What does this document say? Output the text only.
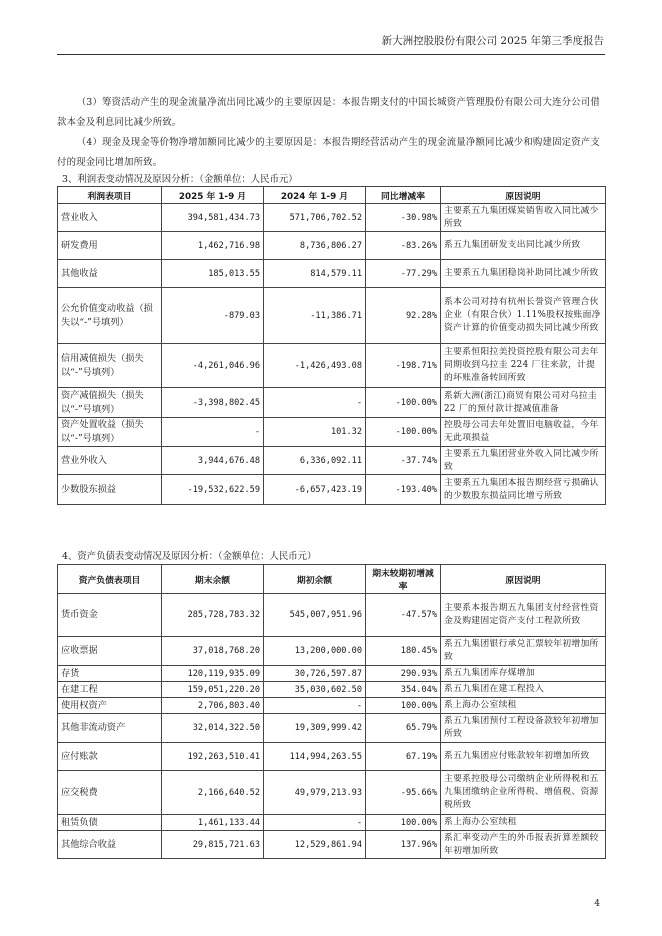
新大洲控股股份有限公司 2025 年第三季度报告
（3）筹资活动产生的现金流量净流出同比减少的主要原因是：本报告期支付的中国长城资产管理股份有限公司大连分公司借款本金及利息同比减少所致。
（4）现金及现金等价物净增加额同比减少的主要原因是：本报告期经营活动产生的现金流量净额同比减少和购建固定资产支付的现金同比增加所致。
3、利润表变动情况及原因分析：（金额单位：人民币元）
利润表项目	2025 年 1-9 月	2024 年 1-9 月	同比增减率	原因说明
营业收入	394,581,434.73	571,706,702.52	-30.98%	主要系五九集团煤炭销售收入同比减少所致
研发费用	1,462,716.98	8,736,806.27	-83.26%	系五九集团研发支出同比减少所致
其他收益	185,013.55	814,579.11	-77.29%	主要系五九集团稳岗补助同比减少所致
公允价值变动收益（损失以“-”号填列）	-879.03	-11,386.71	92.28%	系本公司对持有杭州长誉资产管理合伙企业（有限合伙）1.11%股权按账面净资产计算的价值变动损失同比减少所致
信用减值损失（损失以“-”号填列）	-4,261,046.96	-1,426,493.08	-198.71%	主要系恒阳拉美投资控股有限公司去年同期收到乌拉圭 224 厂往来款，计提的坏账准备转回所致
资产减值损失（损失以“-”号填列）	-3,398,802.45	-	-100.00%	系新大洲(浙江)商贸有限公司对乌拉圭 22 厂的预付款计提减值准备
资产处置收益（损失以“-”号填列）	-	101.32	-100.00%	控股母公司去年处置旧电脑收益，今年无此项损益
营业外收入	3,944,676.48	6,336,092.11	-37.74%	主要系五九集团营业外收入同比减少所致
少数股东损益	-19,532,622.59	-6,657,423.19	-193.40%	主要系五九集团本报告期经营亏损确认的少数股东损益同比增亏所致
4、资产负债表变动情况及原因分析：（金额单位：人民币元）
资产负债表项目	期末余额	期初余额	期末较期初增减率	原因说明
货币资金	285,728,783.32	545,007,951.96	-47.57%	主要系本报告期五九集团支付经营性资金及购建固定资产支付工程款所致
应收票据	37,018,768.20	13,200,000.00	180.45%	系五九集团银行承兑汇票较年初增加所致
存货	120,119,935.09	30,726,597.87	290.93%	系五九集团库存煤增加
在建工程	159,051,220.20	35,030,602.50	354.04%	系五九集团在建工程投入
使用权资产	2,706,803.40	-	100.00%	系上海办公室续租
其他非流动资产	32,014,322.50	19,309,999.42	65.79%	系五九集团预付工程设备款较年初增加所致
应付账款	192,263,510.41	114,994,263.55	67.19%	系五九集团应付账款较年初增加所致
应交税费	2,166,640.52	49,979,213.93	-95.66%	主要系控股母公司缴纳企业所得税和五九集团缴纳企业所得税、增值税、资源税所致
租赁负债	1,461,133.44	-	100.00%	系上海办公室续租
其他综合收益	29,815,721.63	12,529,861.94	137.96%	系汇率变动产生的外币报表折算差额较年初增加所致
4
